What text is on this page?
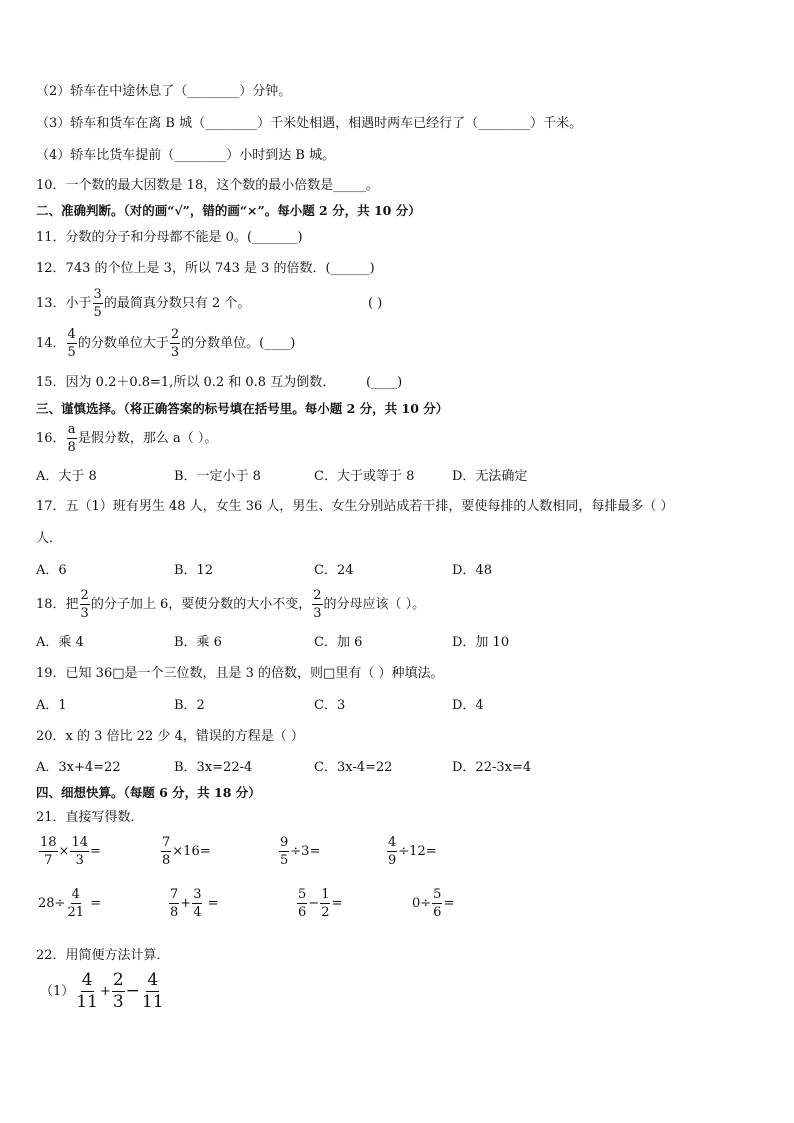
（2）轿车在中途休息了（________）分钟。
（3）轿车和货车在离 B 城（________）千米处相遇，相遇时两车已经行了（________）千米。
（4）轿车比货车提前（________）小时到达 B 城。
10．一个数的最大因数是 18，这个数的最小倍数是_____。
二、准确判断。（对的画“√”，错的画“×”。每小题 2 分，共 10 分）
11．分数的分子和分母都不能是 0。(_______)
12．743 的个位上是 3，所以 743 是 3 的倍数．(______)
13．小于 $\frac{3}{5}$ 的最简真分数只有 2 个。	( )
14． $\frac{4}{5}$ 的分数单位大于 $\frac{2}{3}$ 的分数单位。(____)
15．因为 0.2＋0.8=1,所以 0.2 和 0.8 互为倒数． (____)
三、谨慎选择。（将正确答案的标号填在括号里。每小题 2 分，共 10 分）
16． $\frac{a}{8}$ 是假分数，那么 a（ ）。
A．大于 8	B．一定小于 8	C．大于或等于 8	D．无法确定
17．五（1）班有男生 48 人，女生 36 人，男生、女生分别站成若干排，要使每排的人数相同，每排最多（ ）
人．
A．6	B．12	C．24	D．48
18．把 $\frac{2}{3}$ 的分子加上 6，要使分数的大小不变， $\frac{2}{3}$ 的分母应该（ ）。
A．乘 4	B．乘 6	C．加 6	D．加 10
19．已知 36□是一个三位数，且是 3 的倍数，则□里有（ ）种填法。
A．1	B．2	C．3	D．4
20．x 的 3 倍比 22 少 4，错误的方程是（ ）
A．3x+4=22	B．3x=22-4	C．3x-4=22	D．22-3x=4
四、细想快算。（每题 6 分，共 18 分）
21．直接写得数．
$\frac{18}{7} \times \frac{14}{3}$ =	$\frac{7}{8} \times 16=$	$\frac{9}{5} \div 3=$	$\frac{4}{9} \div 12=$
$28\div \frac{4}{21}$ =	$\frac{7}{8} + \frac{3}{4}$ =	$\frac{5}{6} - \frac{1}{2}$ =	$0\div \frac{5}{6}$ =
22．用简便方法计算．
$(1) \frac{4}{11} + \frac{2}{3} - \frac{4}{11}$
